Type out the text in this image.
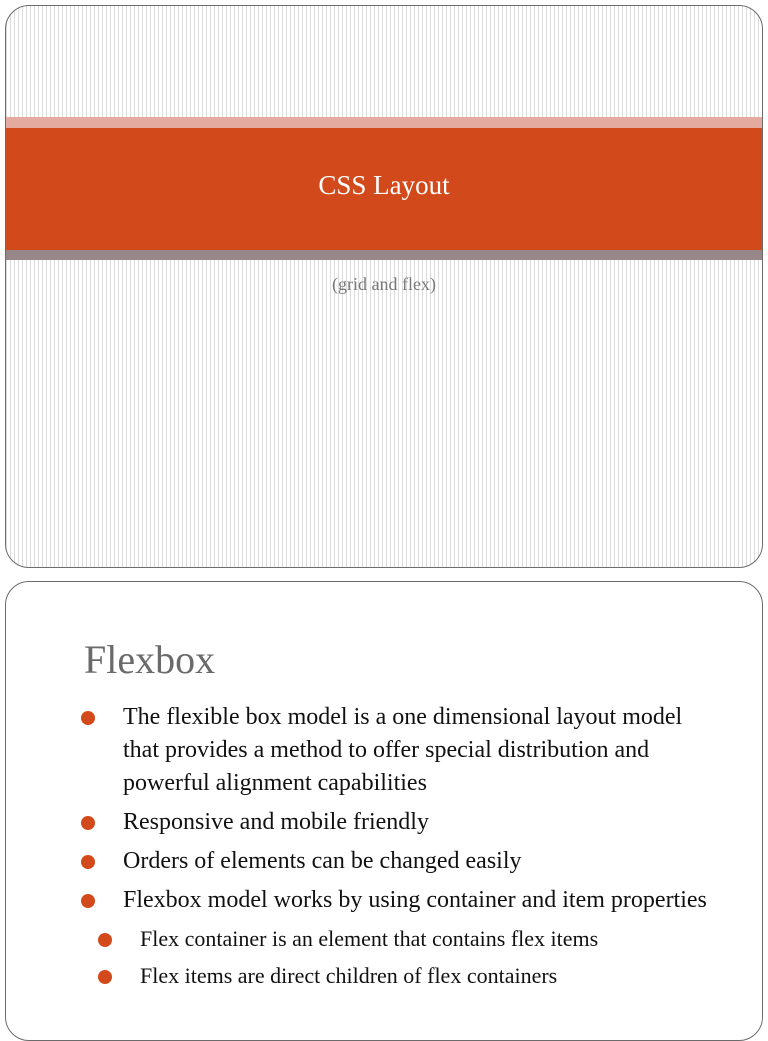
CSS Layout
(grid and flex)
Flexbox
The flexible box model is a one dimensional layout model that provides a method to offer special distribution and powerful alignment capabilities
Responsive and mobile friendly
Orders of elements can be changed easily
Flexbox model works by using container and item properties
Flex container is an element that contains flex items
Flex items are direct children of flex containers
